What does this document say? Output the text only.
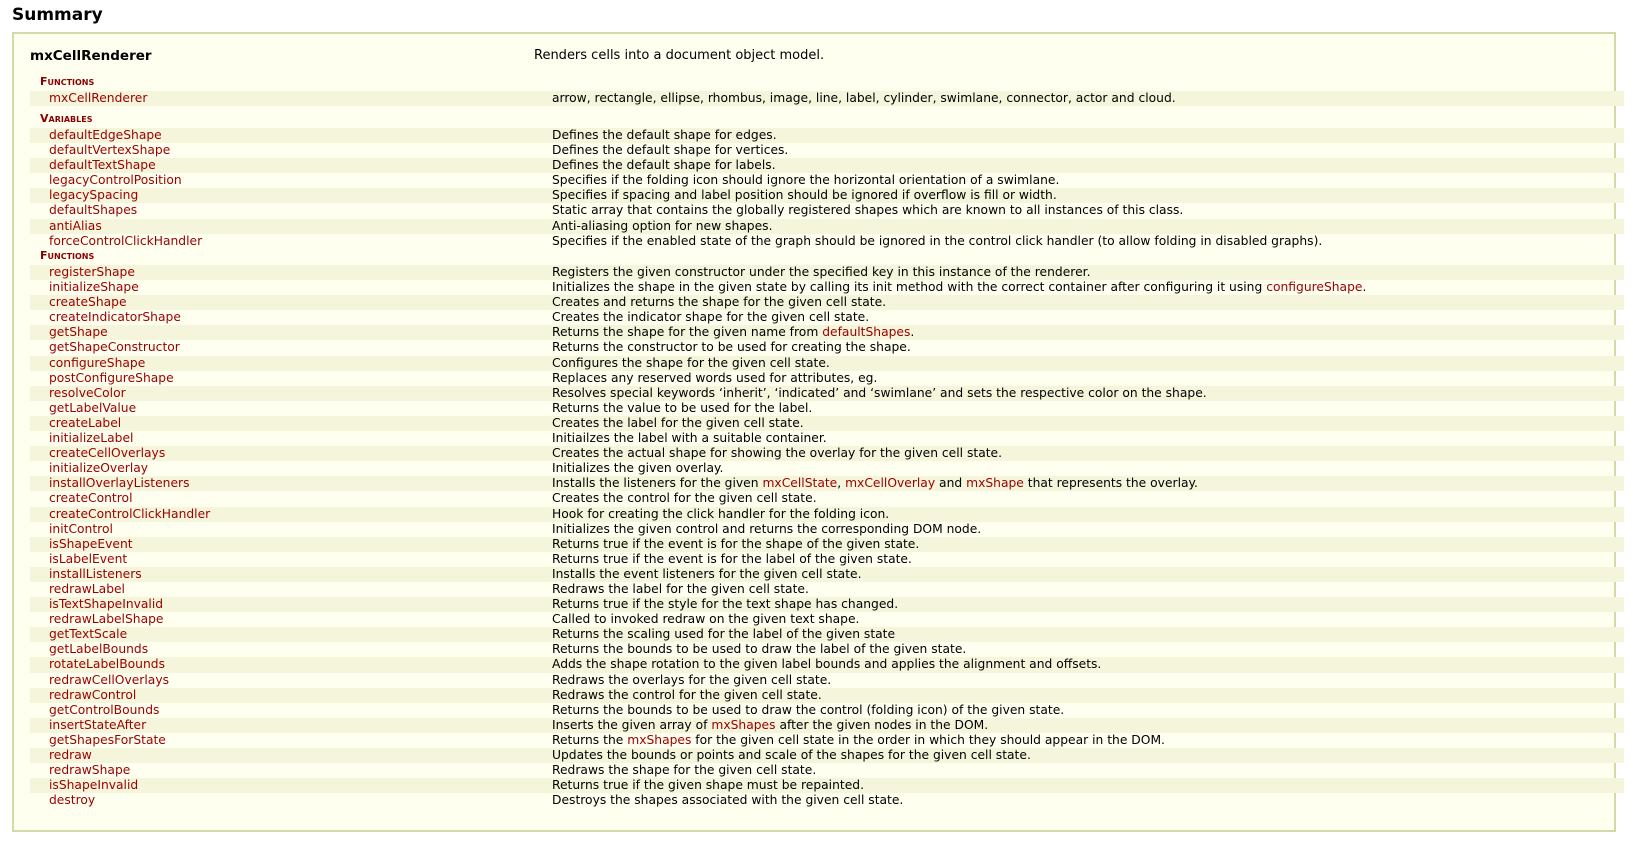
Summary
mxCellRenderer	Renders cells into a document object model.
Functions
mxCellRenderer	arrow, rectangle, ellipse, rhombus, image, line, label, cylinder, swimlane, connector, actor and cloud.
Variables
defaultEdgeShape	Defines the default shape for edges.
defaultVertexShape	Defines the default shape for vertices.
defaultTextShape	Defines the default shape for labels.
legacyControlPosition	Specifies if the folding icon should ignore the horizontal orientation of a swimlane.
legacySpacing	Specifies if spacing and label position should be ignored if overflow is fill or width.
defaultShapes	Static array that contains the globally registered shapes which are known to all instances of this class.
antiAlias	Anti-aliasing option for new shapes.
forceControlClickHandler	Specifies if the enabled state of the graph should be ignored in the control click handler (to allow folding in disabled graphs).
Functions
registerShape	Registers the given constructor under the specified key in this instance of the renderer.
initializeShape	Initializes the shape in the given state by calling its init method with the correct container after configuring it using configureShape.
createShape	Creates and returns the shape for the given cell state.
createIndicatorShape	Creates the indicator shape for the given cell state.
getShape	Returns the shape for the given name from defaultShapes.
getShapeConstructor	Returns the constructor to be used for creating the shape.
configureShape	Configures the shape for the given cell state.
postConfigureShape	Replaces any reserved words used for attributes, eg.
resolveColor	Resolves special keywords ‘inherit’, ‘indicated’ and ‘swimlane’ and sets the respective color on the shape.
getLabelValue	Returns the value to be used for the label.
createLabel	Creates the label for the given cell state.
initializeLabel	Initiailzes the label with a suitable container.
createCellOverlays	Creates the actual shape for showing the overlay for the given cell state.
initializeOverlay	Initializes the given overlay.
installOverlayListeners	Installs the listeners for the given mxCellState, mxCellOverlay and mxShape that represents the overlay.
createControl	Creates the control for the given cell state.
createControlClickHandler	Hook for creating the click handler for the folding icon.
initControl	Initializes the given control and returns the corresponding DOM node.
isShapeEvent	Returns true if the event is for the shape of the given state.
isLabelEvent	Returns true if the event is for the label of the given state.
installListeners	Installs the event listeners for the given cell state.
redrawLabel	Redraws the label for the given cell state.
isTextShapeInvalid	Returns true if the style for the text shape has changed.
redrawLabelShape	Called to invoked redraw on the given text shape.
getTextScale	Returns the scaling used for the label of the given state
getLabelBounds	Returns the bounds to be used to draw the label of the given state.
rotateLabelBounds	Adds the shape rotation to the given label bounds and applies the alignment and offsets.
redrawCellOverlays	Redraws the overlays for the given cell state.
redrawControl	Redraws the control for the given cell state.
getControlBounds	Returns the bounds to be used to draw the control (folding icon) of the given state.
insertStateAfter	Inserts the given array of mxShapes after the given nodes in the DOM.
getShapesForState	Returns the mxShapes for the given cell state in the order in which they should appear in the DOM.
redraw	Updates the bounds or points and scale of the shapes for the given cell state.
redrawShape	Redraws the shape for the given cell state.
isShapeInvalid	Returns true if the given shape must be repainted.
destroy	Destroys the shapes associated with the given cell state.
